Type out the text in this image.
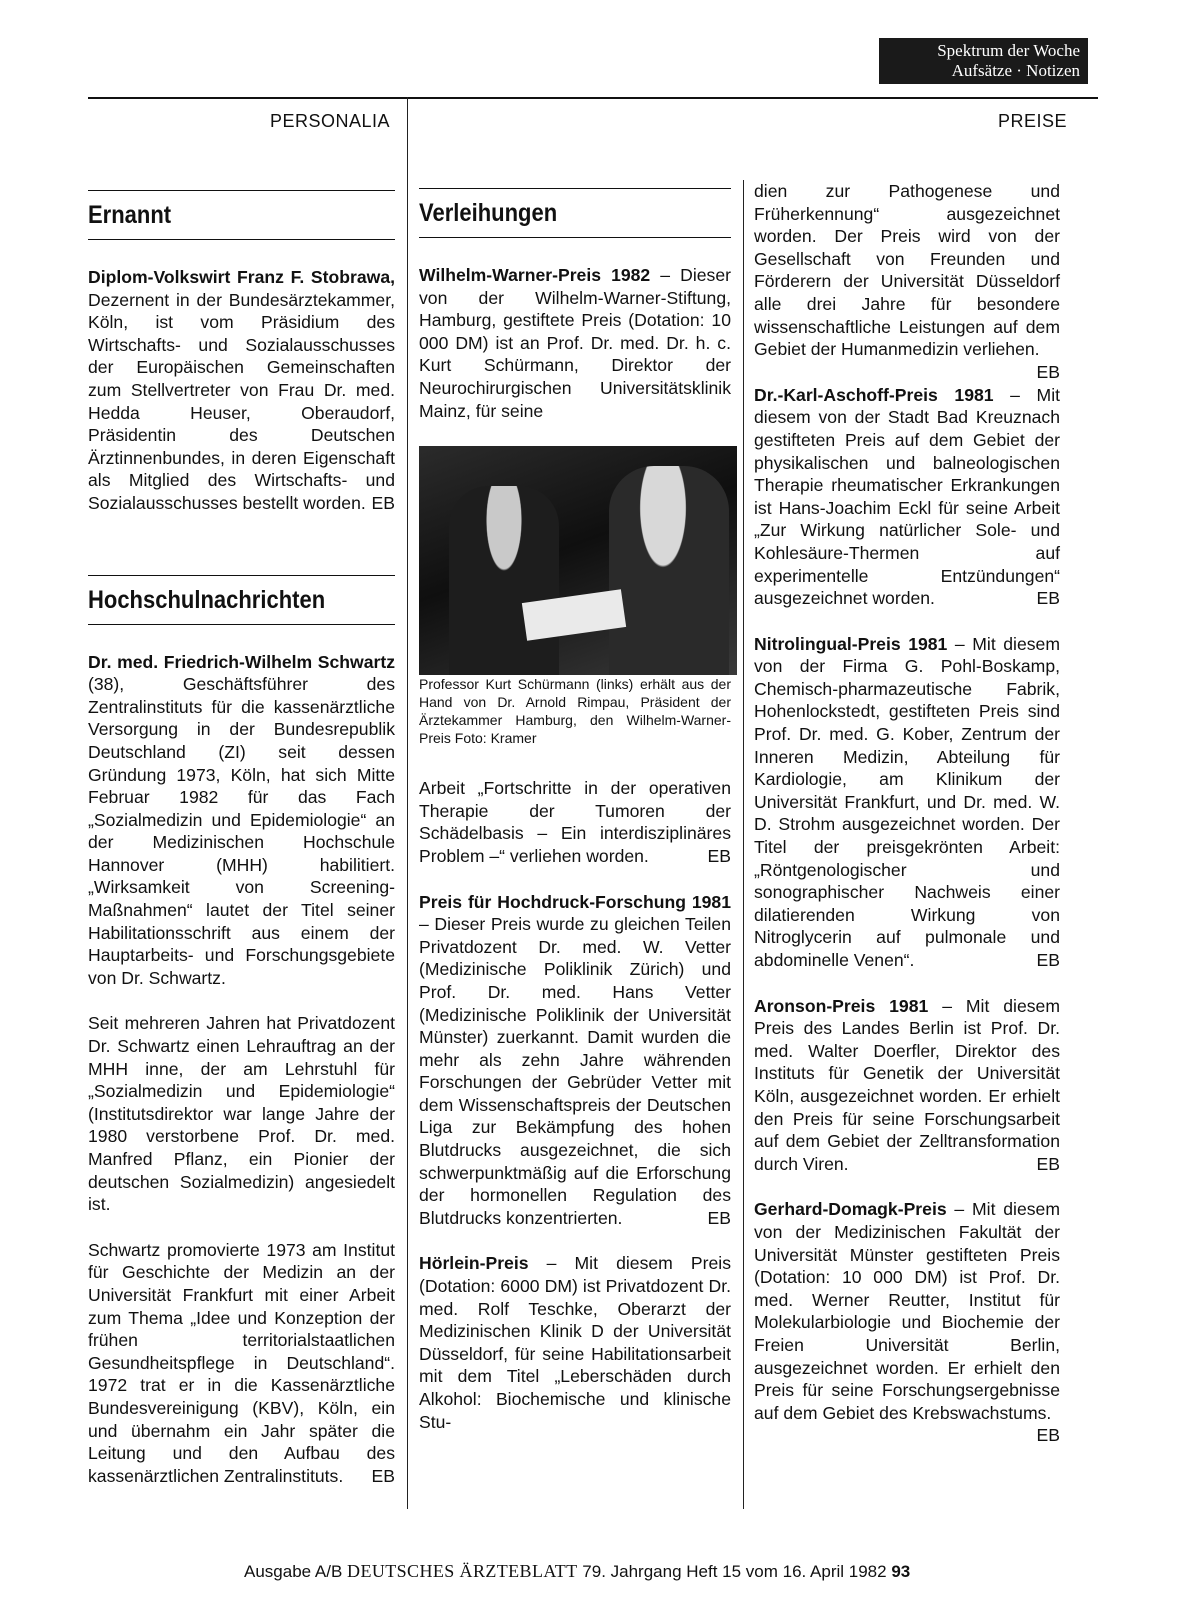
Spektrum der Woche
Aufsätze · Notizen
PERSONALIA	PREISE
Ernannt

Diplom-Volkswirt Franz F. Stobrawa, Dezernent in der Bundesärztekammer, Köln, ist vom Präsidium des Wirtschafts- und Sozialausschusses der Europäischen Gemeinschaften zum Stellvertreter von Frau Dr. med. Hedda Heuser, Oberaudorf, Präsidentin des Deutschen Ärztinnenbundes, in deren Eigenschaft als Mitglied des Wirtschafts- und Sozialausschusses bestellt worden. EB

Hochschulnachrichten

Dr. med. Friedrich-Wilhelm Schwartz (38), Geschäftsführer des Zentralinstituts für die kassenärztliche Versorgung in der Bundesrepublik Deutschland (ZI) seit dessen Gründung 1973, Köln, hat sich Mitte Februar 1982 für das Fach „Sozialmedizin und Epidemiologie“ an der Medizinischen Hochschule Hannover (MHH) habilitiert. „Wirksamkeit von Screening-Maßnahmen“ lautet der Titel seiner Habilitationsschrift aus einem der Hauptarbeits- und Forschungsgebiete von Dr. Schwartz.

Seit mehreren Jahren hat Privatdozent Dr. Schwartz einen Lehrauftrag an der MHH inne, der am Lehrstuhl für „Sozialmedizin und Epidemiologie“ (Institutsdirektor war lange Jahre der 1980 verstorbene Prof. Dr. med. Manfred Pflanz, ein Pionier der deutschen Sozialmedizin) angesiedelt ist.

Schwartz promovierte 1973 am Institut für Geschichte der Medizin an der Universität Frankfurt mit einer Arbeit zum Thema „Idee und Konzeption der frühen territorialstaatlichen Gesundheitspflege in Deutschland“. 1972 trat er in die Kassenärztliche Bundesvereinigung (KBV), Köln, ein und übernahm ein Jahr später die Leitung und den Aufbau des kassenärztlichen Zentralinstituts. EB

Verleihungen

Wilhelm-Warner-Preis 1982 – Dieser von der Wilhelm-Warner-Stiftung, Hamburg, gestiftete Preis (Dotation: 10 000 DM) ist an Prof. Dr. med. Dr. h. c. Kurt Schürmann, Direktor der Neurochirurgischen Universitätsklinik Mainz, für seine

Professor Kurt Schürmann (links) erhält aus der Hand von Dr. Arnold Rimpau, Präsident der Ärztekammer Hamburg, den Wilhelm-Warner-Preis Foto: Kramer

Arbeit „Fortschritte in der operativen Therapie der Tumoren der Schädelbasis – Ein interdisziplinäres Problem –“ verliehen worden.	EB

Preis für Hochdruck-Forschung 1981 – Dieser Preis wurde zu gleichen Teilen Privatdozent Dr. med. W. Vetter (Medizinische Poliklinik Zürich) und Prof. Dr. med. Hans Vetter (Medizinische Poliklinik der Universität Münster) zuerkannt. Damit wurden die mehr als zehn Jahre währenden Forschungen der Gebrüder Vetter mit dem Wissenschaftspreis der Deutschen Liga zur Bekämpfung des hohen Blutdrucks ausgezeichnet, die sich schwerpunktmäßig auf die Erforschung der hormonellen Regulation des Blutdrucks konzentrierten.	EB

Hörlein-Preis – Mit diesem Preis (Dotation: 6000 DM) ist Privatdozent Dr. med. Rolf Teschke, Oberarzt der Medizinischen Klinik D der Universität Düsseldorf, für seine Habilitationsarbeit mit dem Titel „Leberschäden durch Alkohol: Biochemische und klinische Stu-

dien zur Pathogenese und Früherkennung“ ausgezeichnet worden. Der Preis wird von der Gesellschaft von Freunden und Förderern der Universität Düsseldorf alle drei Jahre für besondere wissenschaftliche Leistungen auf dem Gebiet der Humanmedizin verliehen.
EB

Dr.-Karl-Aschoff-Preis 1981 – Mit diesem von der Stadt Bad Kreuznach gestifteten Preis auf dem Gebiet der physikalischen und balneologischen Therapie rheumatischer Erkrankungen ist Hans-Joachim Eckl für seine Arbeit „Zur Wirkung natürlicher Sole- und Kohlesäure-Thermen auf experimentelle Entzündungen“ ausgezeichnet worden.	EB

Nitrolingual-Preis 1981 – Mit diesem von der Firma G. Pohl-Boskamp, Chemisch-pharmazeutische Fabrik, Hohenlockstedt, gestifteten Preis sind Prof. Dr. med. G. Kober, Zentrum der Inneren Medizin, Abteilung für Kardiologie, am Klinikum der Universität Frankfurt, und Dr. med. W. D. Strohm ausgezeichnet worden. Der Titel der preisgekrönten Arbeit: „Röntgenologischer und sonographischer Nachweis einer dilatierenden Wirkung von Nitroglycerin auf pulmonale und abdominelle Venen“.	EB

Aronson-Preis 1981 – Mit diesem Preis des Landes Berlin ist Prof. Dr. med. Walter Doerfler, Direktor des Instituts für Genetik der Universität Köln, ausgezeichnet worden. Er erhielt den Preis für seine Forschungsarbeit auf dem Gebiet der Zelltransformation durch Viren.	EB

Gerhard-Domagk-Preis – Mit diesem von der Medizinischen Fakultät der Universität Münster gestifteten Preis (Dotation: 10 000 DM) ist Prof. Dr. med. Werner Reutter, Institut für Molekularbiologie und Biochemie der Freien Universität Berlin, ausgezeichnet worden. Er erhielt den Preis für seine Forschungsergebnisse auf dem Gebiet des Krebswachstums.
EB

Ausgabe A/B DEUTSCHES ÄRZTEBLATT 79. Jahrgang Heft 15 vom 16. April 1982 93
